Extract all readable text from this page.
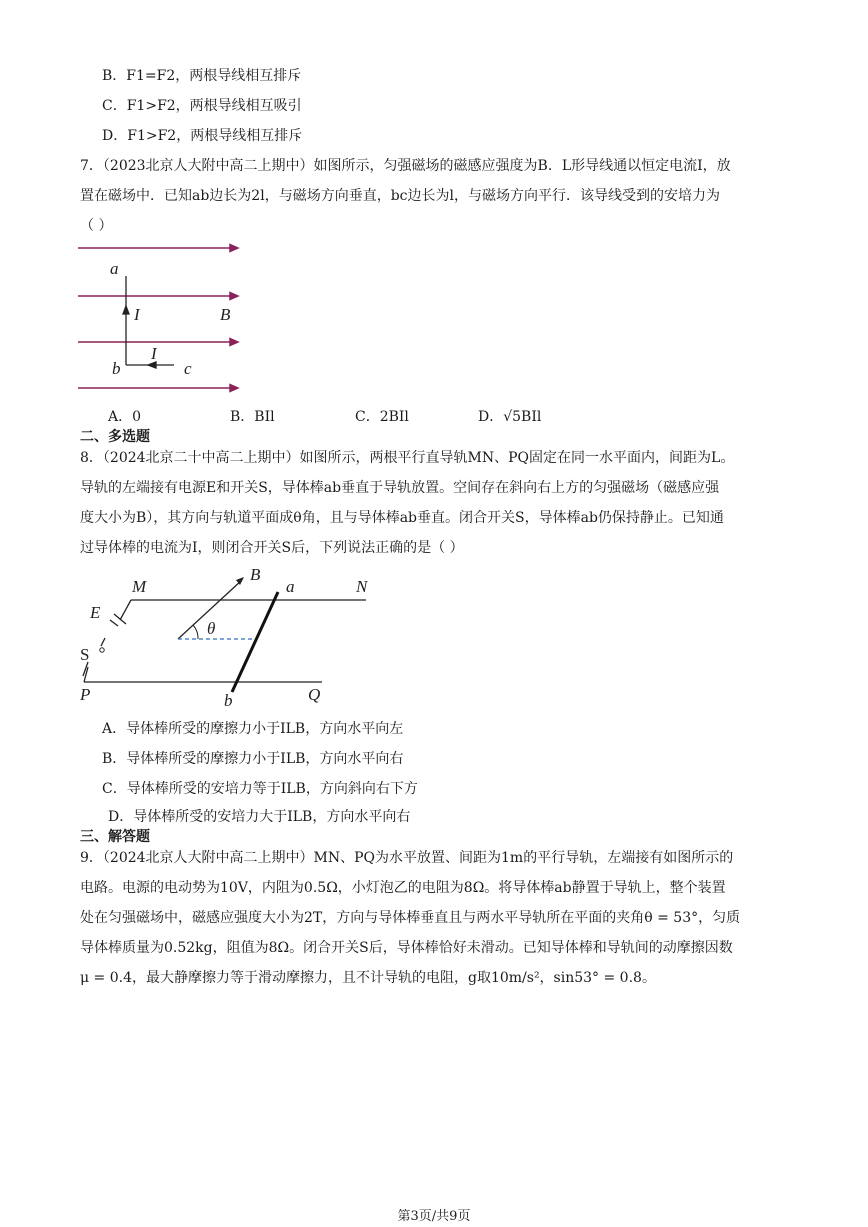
B．F1=F2，两根导线相互排斥
C．F1>F2，两根导线相互吸引
D．F1>F2，两根导线相互排斥
7．（2023北京人大附中高二上期中）如图所示，匀强磁场的磁感应强度为B．L形导线通以恒定电流I，放
置在磁场中．已知ab边长为2l，与磁场方向垂直，bc边长为l，与磁场方向平行．该导线受到的安培力为
（ ）
a
I	B
I
b	c
A．0	B．BIl	C．2BIl	D．√5BIl
二、多选题
8．（2024北京二十中高二上期中）如图所示，两根平行直导轨MN、PQ固定在同一水平面内，间距为L。
导轨的左端接有电源E和开关S，导体棒ab垂直于导轨放置。空间存在斜向右上方的匀强磁场（磁感应强
度大小为B），其方向与轨道平面成θ角，且与导体棒ab垂直。闭合开关S，导体棒ab仍保持静止。已知通
过导体棒的电流为I，则闭合开关S后，下列说法正确的是（ ）
M
B
a	N
E
θ
S
P	b	Q
A．导体棒所受的摩擦力小于ILB，方向水平向左
B．导体棒所受的摩擦力小于ILB，方向水平向右
C．导体棒所受的安培力等于ILB，方向斜向右下方
D．导体棒所受的安培力大于ILB，方向水平向右
三、解答题
9．（2024北京人大附中高二上期中）MN、PQ为水平放置、间距为1m的平行导轨，左端接有如图所示的
电路。电源的电动势为10V，内阻为0.5Ω，小灯泡乙的电阻为8Ω。将导体棒ab静置于导轨上，整个装置
处在匀强磁场中，磁感应强度大小为2T，方向与导体棒垂直且与两水平导轨所在平面的夹角θ = 53°，匀质
导体棒质量为0.52kg，阻值为8Ω。闭合开关S后，导体棒恰好未滑动。已知导体棒和导轨间的动摩擦因数
μ = 0.4，最大静摩擦力等于滑动摩擦力，且不计导轨的电阻，g取10m/s²，sin53° = 0.8。
第3页/共9页
